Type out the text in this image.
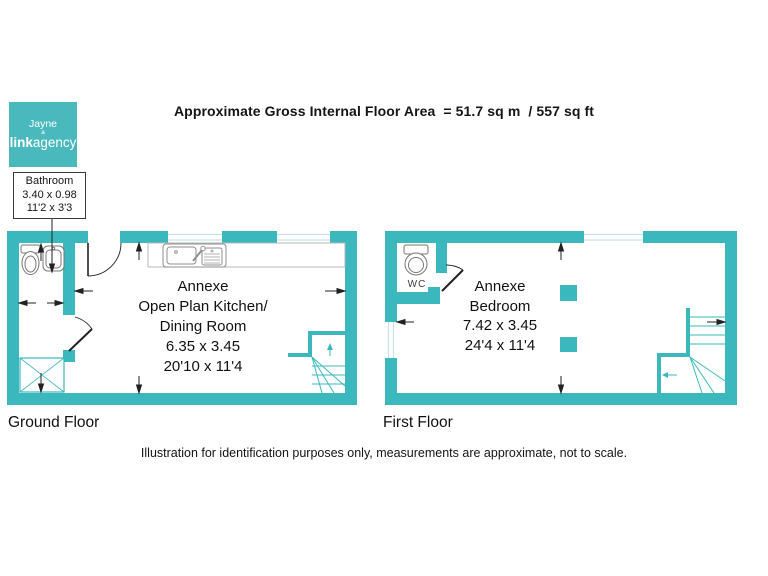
Approximate Gross Internal Floor Area  = 51.7 sq m  / 557 sq ft
Jayne
a
linkagency
Bathroom
3.40 x 0.98
11'2 x 3'3
Annexe
Open Plan Kitchen/
Dining Room
6.35 x 3.45
20'10 x 11'4
Annexe
Bedroom
7.42 x 3.45
24'4 x 11'4
WC
Ground Floor	First Floor
Illustration for identification purposes only, measurements are approximate, not to scale.
